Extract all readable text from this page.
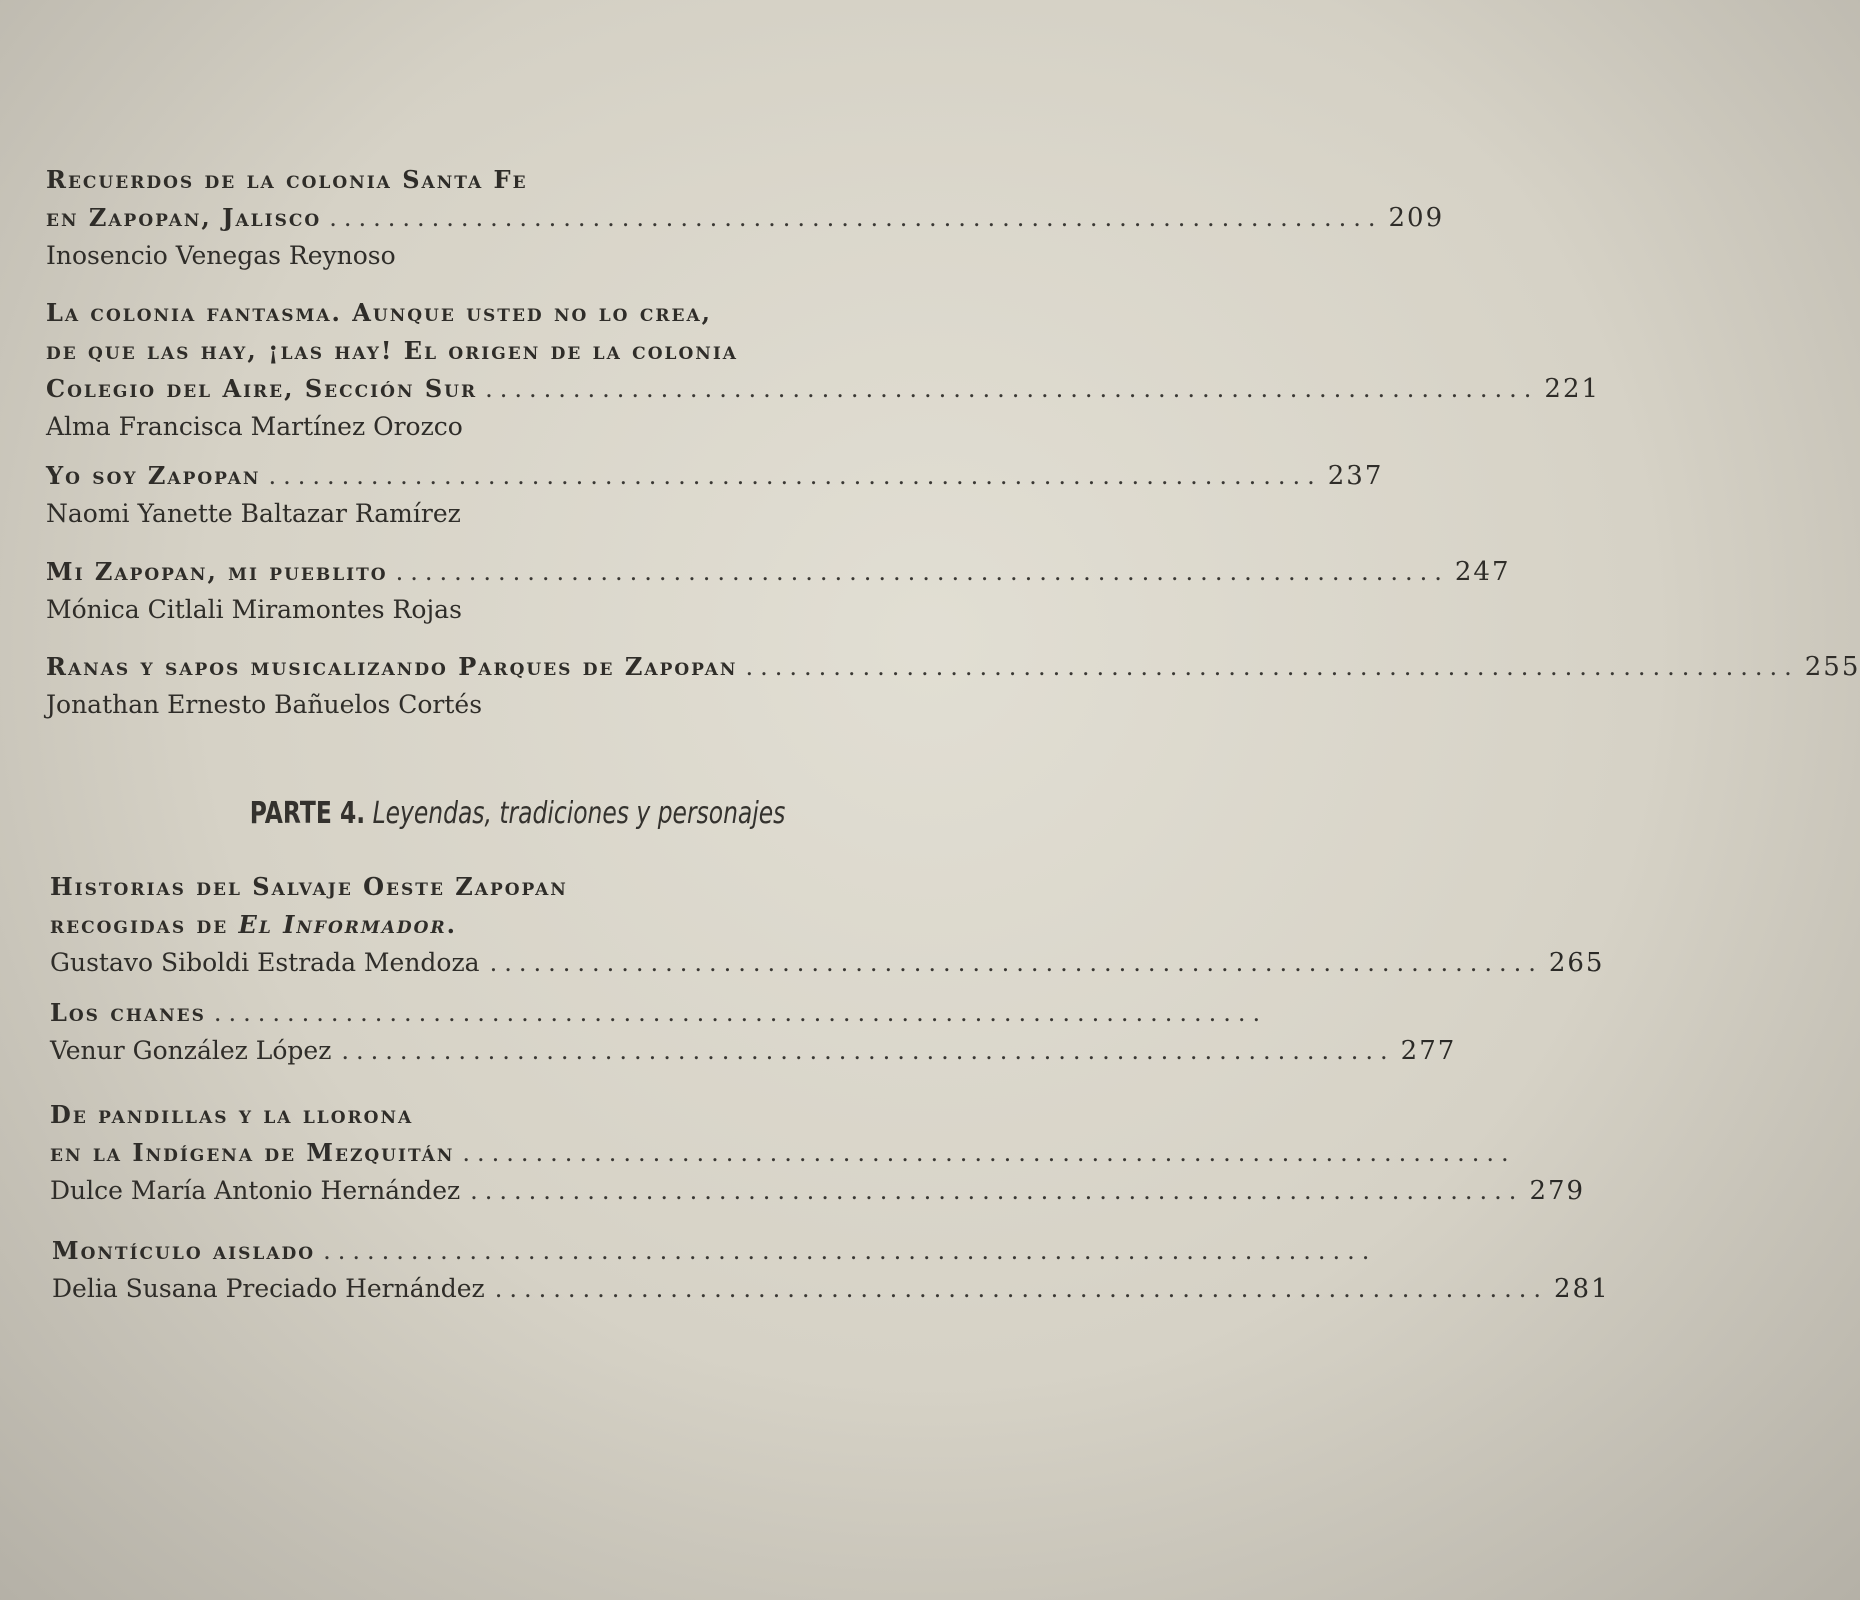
Recuerdos de la colonia Santa Fe
en Zapopan, Jalisco ........................................................................ 209
Inosencio Venegas Reynoso
La colonia fantasma. Aunque usted no lo crea,
de que las hay, ¡las hay! El origen de la colonia
Colegio del Aire, Sección Sur ........................................................................ 221
Alma Francisca Martínez Orozco
Yo soy Zapopan ........................................................................ 237
Naomi Yanette Baltazar Ramírez
Mi Zapopan, mi pueblito ........................................................................ 247
Mónica Citlali Miramontes Rojas
Ranas y sapos musicalizando Parques de Zapopan ........................................................................ 255
Jonathan Ernesto Bañuelos Cortés
PARTE 4. Leyendas, tradiciones y personajes
Historias del Salvaje Oeste Zapopan
recogidas de
El Informador .
Gustavo Siboldi Estrada Mendoza ........................................................................ 265
Los chanes ........................................................................
Venur González López ........................................................................ 277
De pandillas y la llorona
en la Indígena de Mezquitán ........................................................................
Dulce María Antonio Hernández ........................................................................ 279
Montículo aislado ........................................................................
Delia Susana Preciado Hernández ........................................................................ 281
